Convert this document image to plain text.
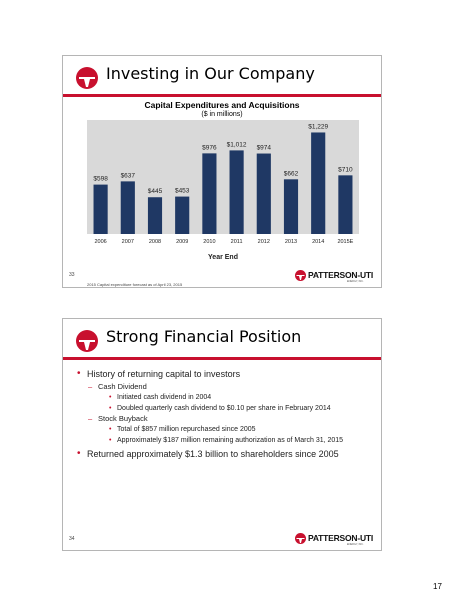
Investing in Our Company
Capital Expenditures and Acquisitions
($ in millions)
$598 $637
$445 $453
$976 $1,012 $974
$662
$1,229
$710
2006	2007	2008	2009	2010	2011	2012	2013	2014 2015E
Year End
33
2015 Capital expenditure forecast as of April 23, 2015
PATTERSON-UTI
ENERGY, INC.
Strong Financial Position
• History of returning capital to investors
– Cash Dividend
• Initiated cash dividend in 2004
• Doubled quarterly cash dividend to $0.10 per share in February 2014
– Stock Buyback
• Total of $857 million repurchased since 2005
• Approximately $187 million remaining authorization as of March 31, 2015
• Returned approximately $1.3 billion to shareholders since 2005
34	PATTERSON-UTI
ENERGY, INC.
17
